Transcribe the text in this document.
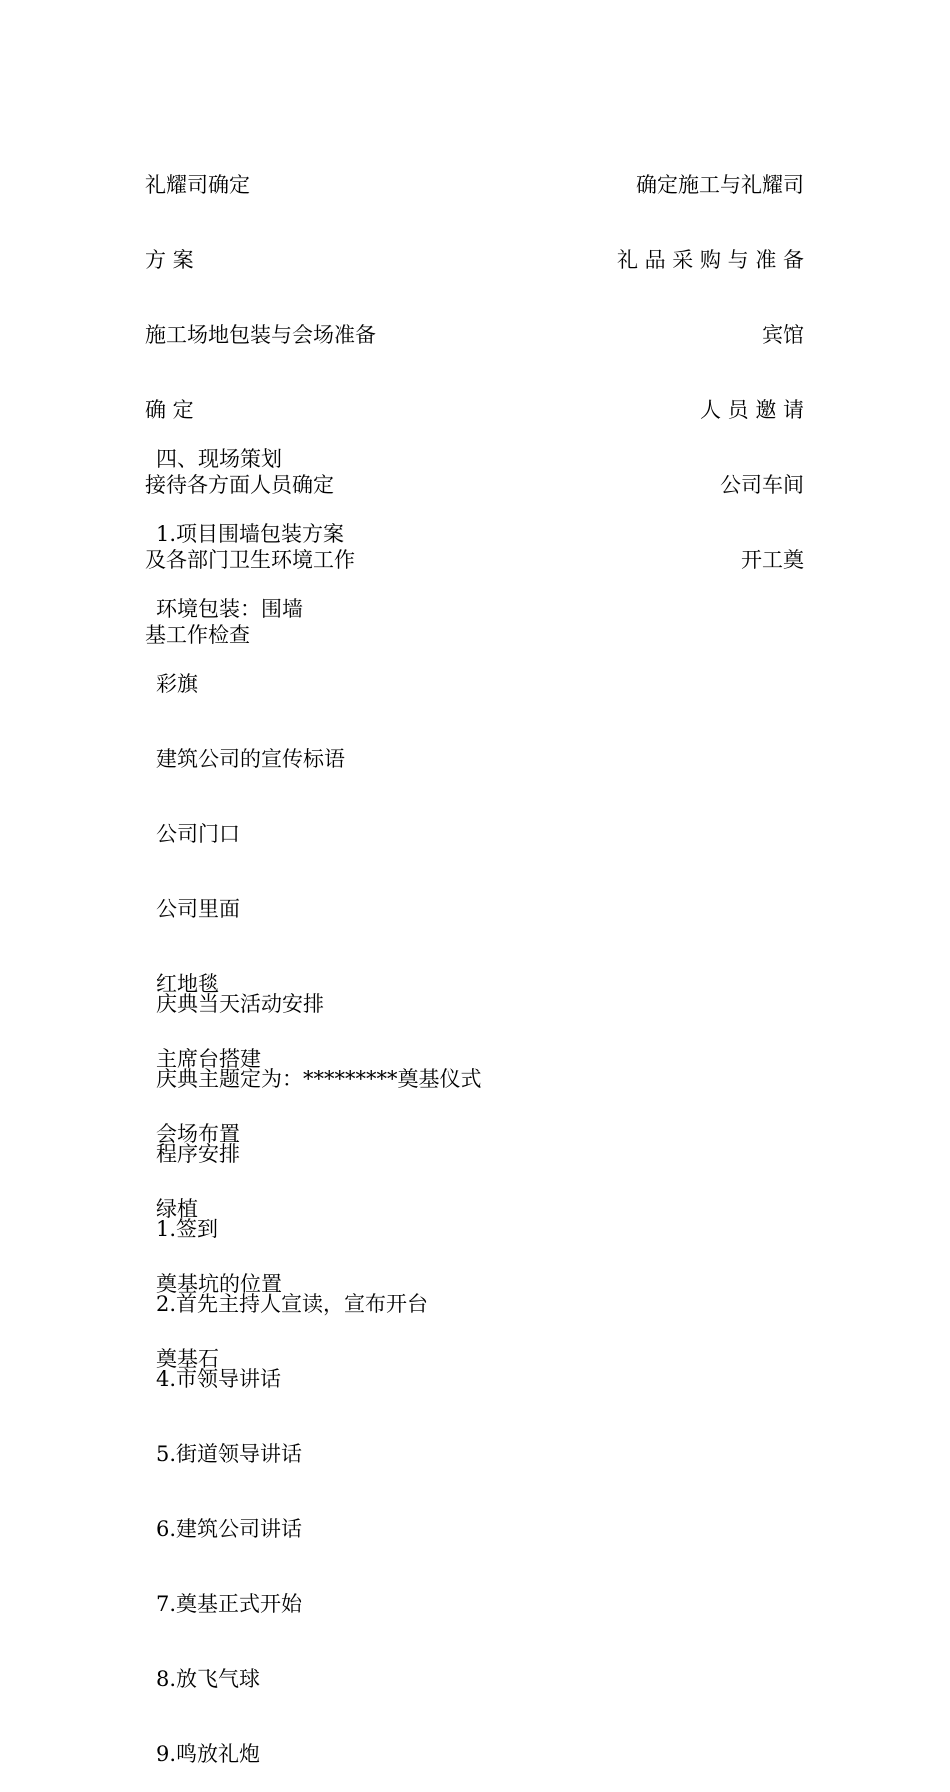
礼耀司确定

方 案

施工场地包装与会场准备

确 定

接待各方面人员确定

及各部门卫生环境工作

基工作检查

确定施工与礼耀司

礼 品 采 购 与 准 备

宾馆

人 员 邀 请

公司车间

开工奠

四、现场策划

1.项目围墙包装方案

环境包装：围墙

彩旗

建筑公司的宣传标语

公司门口

公司里面

红地毯

主席台搭建

会场布置

绿植

奠基坑的位置

奠基石

庆典当天活动安排

庆典主题定为：*********奠基仪式

程序安排

1.签到

2.首先主持人宣读，宣布开台

4.市领导讲话

5.街道领导讲话

6.建筑公司讲话

7.奠基正式开始

8.放飞气球

9.鸣放礼炮
